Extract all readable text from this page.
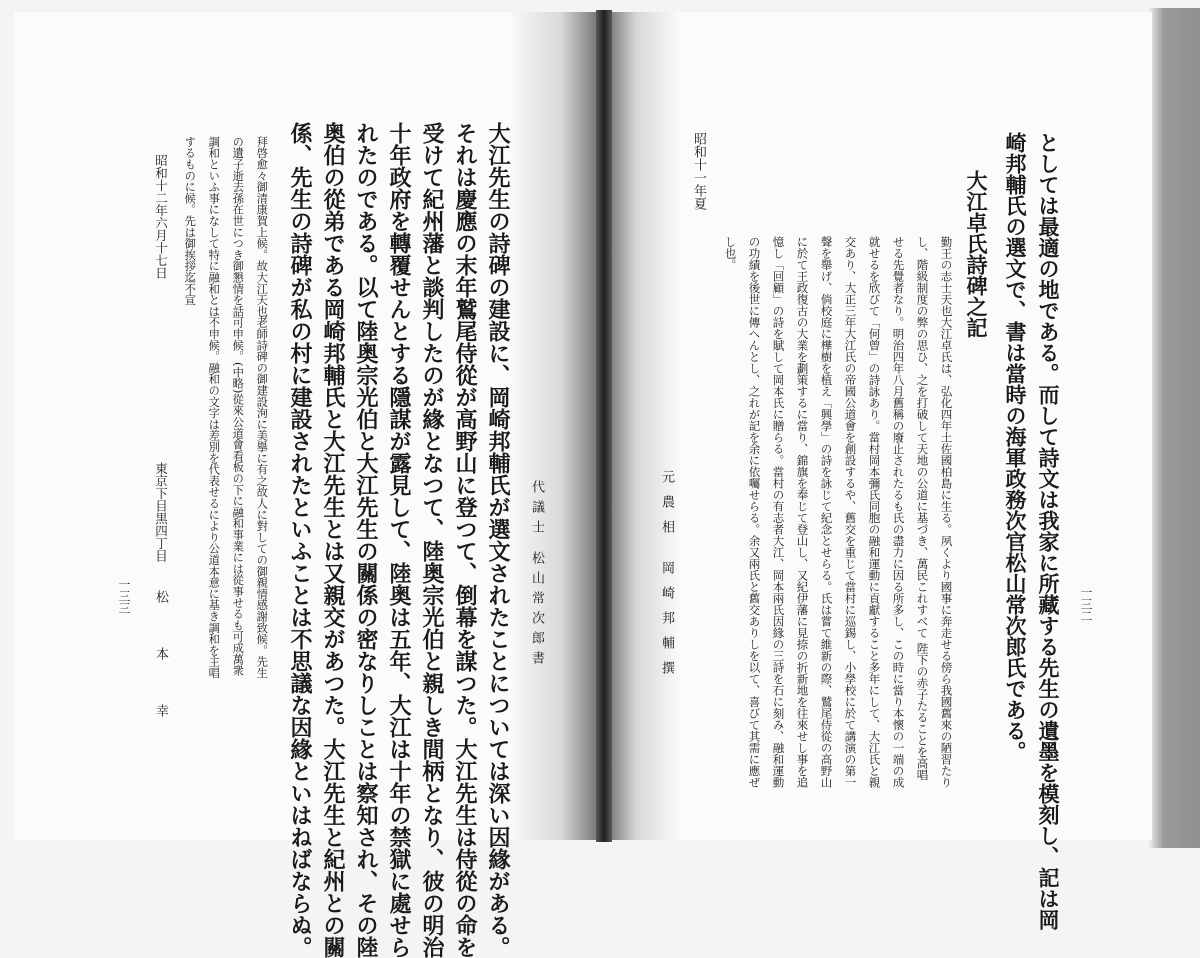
一三二
としては最適の地である。而して詩文は我家に所藏する先生の遺墨を模刻し、記は岡
崎邦輔氏の選文で、書は當時の海軍政務次官松山常次郎氏である。
大江卓氏詩碑之記
勤王の志士天也大江卓氏は、弘化四年土佐國柏島に生る。夙くより國事に奔走せる傍ら我國舊來の陋習たり
し、階級制度の弊の思ひ、之を打破して天地の公道に基づき、萬民これすべて 陛下の赤子たることを高唱
せる先覺者なり。明治四年八月舊稱の廢止されたるも氏の盡力に因る所多し、この時に當り本懷の一端の成
就せるを欣びて「何曾」の詩詠あり。當村岡本彌氏同胞の融和運動に貢獻すること多年にして、大江氏と親
交あり、大正三年大江氏の帝國公道會を創設するや、舊交を重じて當村に巡錫し、小學校に於て講演の第一
聲を舉げ、倘校庭に樺樹を植え「興學」の詩を詠じて紀念とせらる。氏は嘗て維新の際、鷲尾侍從の高野山
に於て王政復古の大業を劃策するに當り、錦旗を奉じて登山し、又紀伊藩に見捺の折新地を往來せし事を追
憶し「回顧」の詩を賦して岡本氏に贈らる。當村の有志者大江、岡本兩氏因緣の三詩を石に刻み、融和運動
の功績を後世に傳へんとし、之れが記を余に依囑せらる。余又兩氏と舊交ありしを以て、喜びて其需に應ぜ
し也。
昭和十一年夏
元農相 岡崎邦輔撰
代議士 松山常次郎書
大江先生の詩碑の建設に、岡崎邦輔氏が選文されたことについては深い因緣がある。
それは慶應の末年鷲尾侍從が高野山に登つて、倒幕を謀つた。大江先生は侍從の命を
受けて紀州藩と談判したのが緣となつて、陸奥宗光伯と親しき間柄となり、彼の明治
十年政府を轉覆せんとする隱謀が露見して、陸奥は五年、大江は十年の禁獄に處せら
れたのである。以て陸奥宗光伯と大江先生の關係の密なりしことは察知され、その陸
奥伯の從弟である岡崎邦輔氏と大江先生とは又親交があつた。大江先生と紀州との關
係、先生の詩碑が私の村に建設されたといふことは不思議な因緣といはねばならぬ。
拜啓愈々御清康賀上候。故大江天也老師詩碑の御建設洵に美擧に有之故人に對しての御親情感謝致候。先生
の遺子逝去孫在世につき御懇情を話可申候。(中略)從來公道會看板の下に融和事業には從事せるも可成萬衆
調和といふ事になして特に融和とは不申候。融和の文字は差別を代表せるにより公道本意に基き調和を主唱
するものに候。先は御挨拶迄不宣
昭和十二年六月十七日
東京下目黒四丁目
松 本 幸
一三三
